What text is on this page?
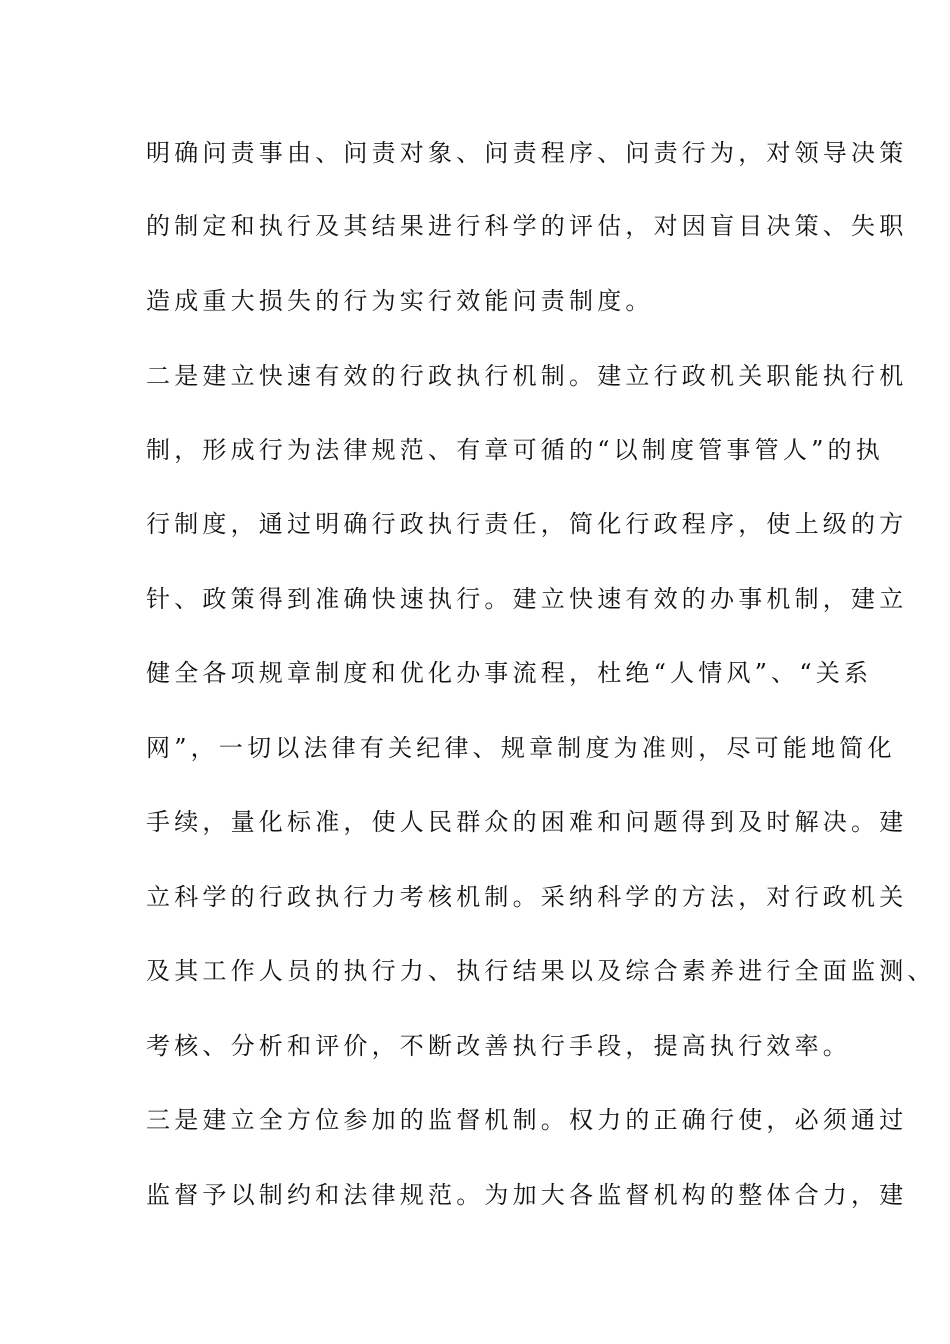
明确问责事由、问责对象、问责程序、问责行为，对领导决策
的制定和执行及其结果进行科学的评估，对因盲目决策、失职
造成重大损失的行为实行效能问责制度。
二是建立快速有效的行政执行机制。建立行政机关职能执行机
制，形成行为法律规范、有章可循的“以制度管事管人”的执
行制度，通过明确行政执行责任，简化行政程序，使上级的方
针、政策得到准确快速执行。建立快速有效的办事机制，建立
健全各项规章制度和优化办事流程，杜绝“人情风”、“关系
网”，一切以法律有关纪律、规章制度为准则，尽可能地简化
手续，量化标准，使人民群众的困难和问题得到及时解决。建
立科学的行政执行力考核机制。采纳科学的方法，对行政机关
及其工作人员的执行力、执行结果以及综合素养进行全面监测、
考核、分析和评价，不断改善执行手段，提高执行效率。
三是建立全方位参加的监督机制。权力的正确行使，必须通过
监督予以制约和法律规范。为加大各监督机构的整体合力，建
